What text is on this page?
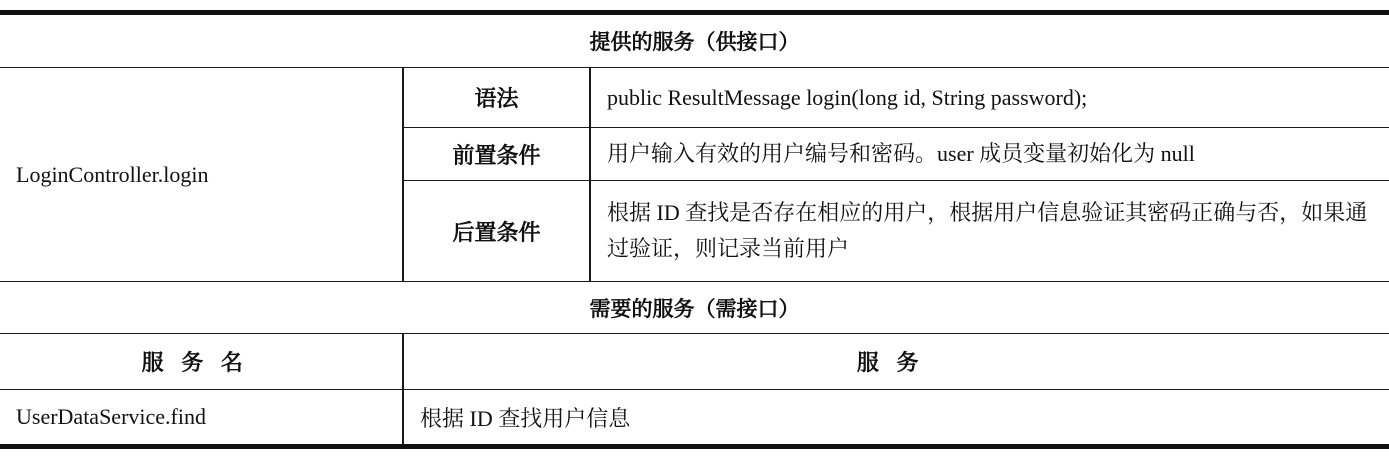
提供的服务（供接口）		
LoginController.login	语法	public ResultMessage login(long id, String password);
	前置条件	用户输入有效的用户编号和密码。user 成员变量初始化为 null
	后置条件	根据 ID 查找是否存在相应的用户，根据用户信息验证其密码正确与否，如果通过验证，则记录当前用户
需要的服务（需接口）		
服务名	服务	
UserDataService.find	根据 ID 查找用户信息	
